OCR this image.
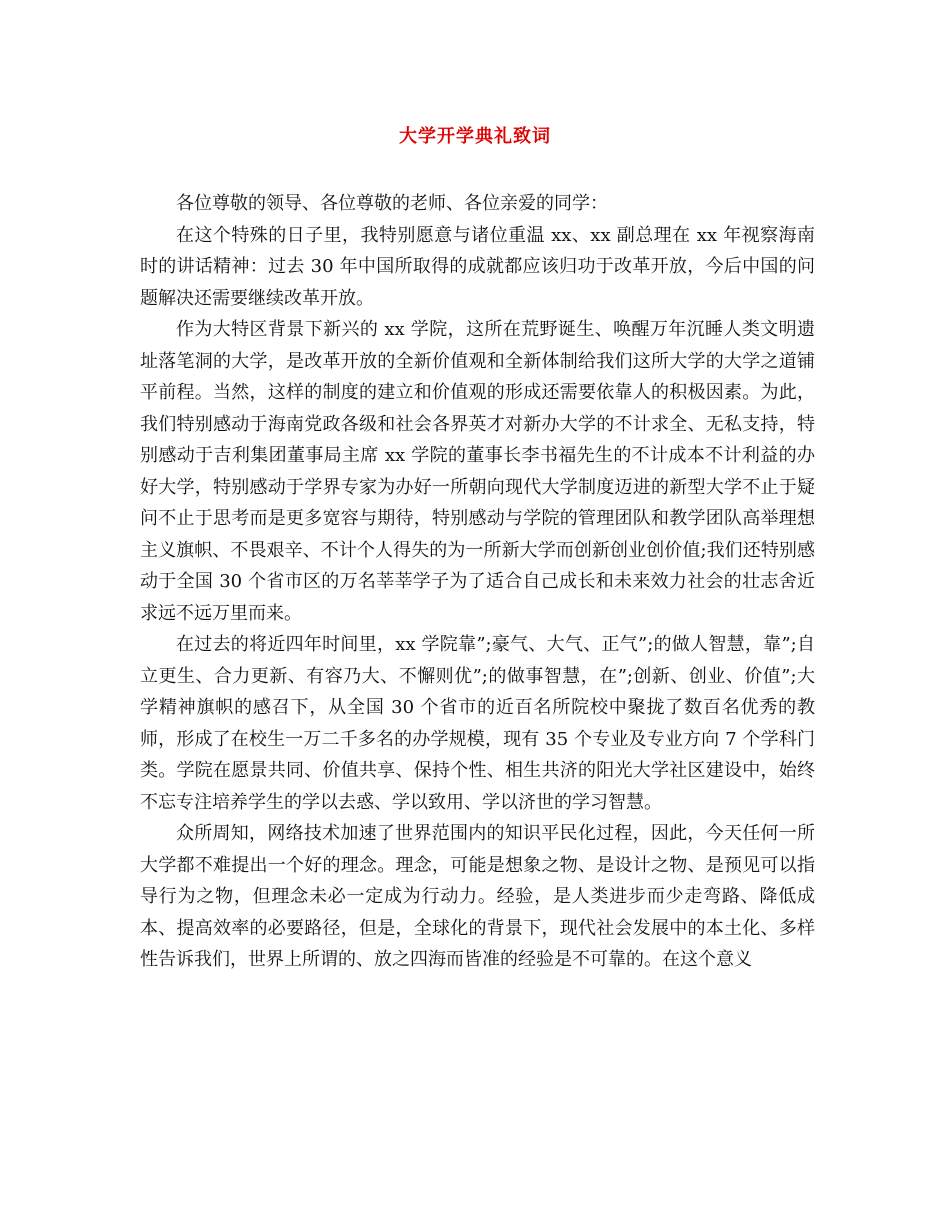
大学开学典礼致词

各位尊敬的领导、各位尊敬的老师、各位亲爱的同学：

在这个特殊的日子里，我特别愿意与诸位重温 xx、xx 副总理在 xx 年视察海南时的讲话精神：过去 30 年中国所取得的成就都应该归功于改革开放，今后中国的问题解决还需要继续改革开放。

作为大特区背景下新兴的 xx 学院，这所在荒野诞生、唤醒万年沉睡人类文明遗址落笔洞的大学，是改革开放的全新价值观和全新体制给我们这所大学的大学之道铺平前程。当然，这样的制度的建立和价值观的形成还需要依靠人的积极因素。为此，我们特别感动于海南党政各级和社会各界英才对新办大学的不计求全、无私支持，特别感动于吉利集团董事局主席 xx 学院的董事长李书福先生的不计成本不计利益的办好大学，特别感动于学界专家为办好一所朝向现代大学制度迈进的新型大学不止于疑问不止于思考而是更多宽容与期待，特别感动与学院的管理团队和教学团队高举理想主义旗帜、不畏艰辛、不计个人得失的为一所新大学而创新创业创价值;我们还特别感动于全国 30 个省市区的万名莘莘学子为了适合自己成长和未来效力社会的壮志舍近求远不远万里而来。

在过去的将近四年时间里，xx 学院靠”;豪气、大气、正气”;的做人智慧，靠”;自立更生、合力更新、有容乃大、不懈则优”;的做事智慧，在”;创新、创业、价值”;大学精神旗帜的感召下，从全国 30 个省市的近百名所院校中聚拢了数百名优秀的教师，形成了在校生一万二千多名的办学规模，现有 35 个专业及专业方向 7 个学科门类。学院在愿景共同、价值共享、保持个性、相生共济的阳光大学社区建设中，始终不忘专注培养学生的学以去惑、学以致用、学以济世的学习智慧。

众所周知，网络技术加速了世界范围内的知识平民化过程，因此，今天任何一所大学都不难提出一个好的理念。理念，可能是想象之物、是设计之物、是预见可以指导行为之物，但理念未必一定成为行动力。经验，是人类进步而少走弯路、降低成本、提高效率的必要路径，但是，全球化的背景下，现代社会发展中的本土化、多样性告诉我们，世界上所谓的、放之四海而皆准的经验是不可靠的。在这个意义
